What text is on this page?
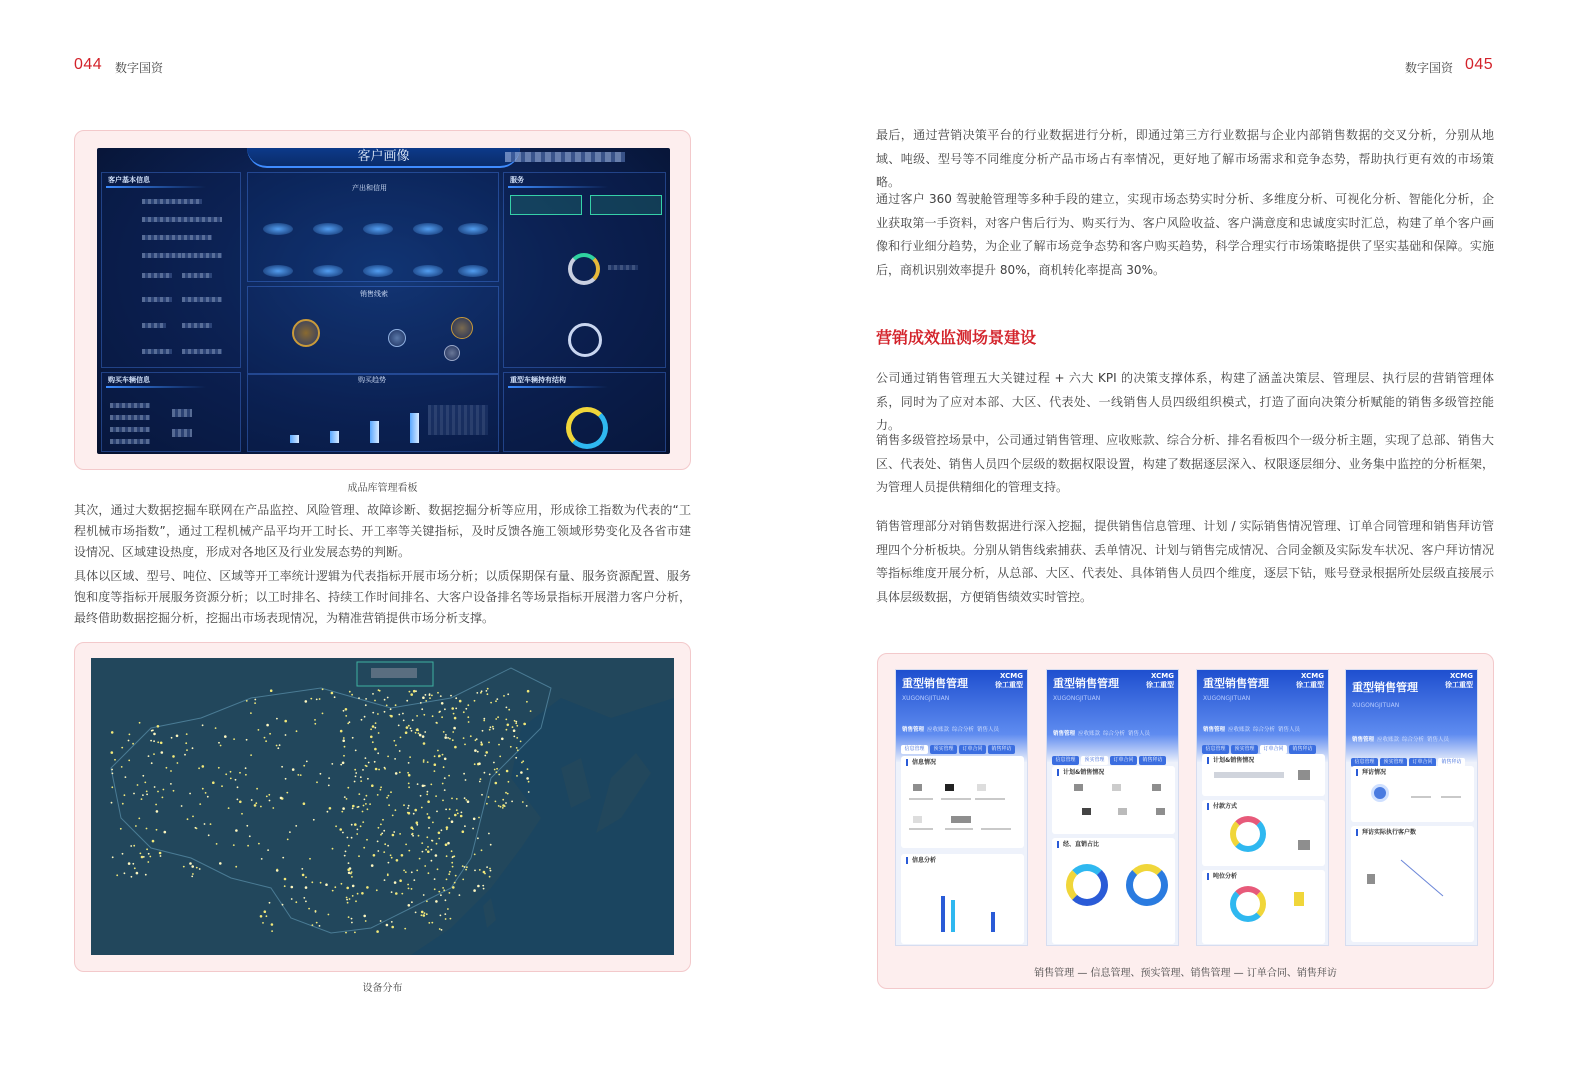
044 数字国资
客户画像
客户基本信息
购买车辆信息
产出和信用
销售线索
购买趋势
服务
重型车辆持有结构
成品库管理看板
其次，通过大数据挖掘车联网在产品监控、风险管理、故障诊断、数据挖掘分析等应用，形成徐工指数为代表的“工程机械市场指数”，通过工程机械产品平均开工时长、开工率等关键指标，及时反馈各施工领域形势变化及各省市建设情况、区域建设热度，形成对各地区及行业发展态势的判断。
具体以区域、型号、吨位、区域等开工率统计逻辑为代表指标开展市场分析；以质保期保有量、服务资源配置、服务饱和度等指标开展服务资源分析；以工时排名、持续工作时间排名、大客户设备排名等场景指标开展潜力客户分析，最终借助数据挖掘分析，挖掘出市场表现情况，为精准营销提供市场分析支撑。
设备分布
数字国资 045
最后，通过营销决策平台的行业数据进行分析，即通过第三方行业数据与企业内部销售数据的交叉分析，分别从地域、吨级、型号等不同维度分析产品市场占有率情况，更好地了解市场需求和竞争态势，帮助执行更有效的市场策略。
通过客户 360 驾驶舱管理等多种手段的建立，实现市场态势实时分析、多维度分析、可视化分析、智能化分析，企业获取第一手资料，对客户售后行为、购买行为、客户风险收益、客户满意度和忠诚度实时汇总，构建了单个客户画像和行业细分趋势，为企业了解市场竞争态势和客户购买趋势，科学合理实行市场策略提供了坚实基础和保障。实施后，商机识别效率提升 80%，商机转化率提高 30%。
营销成效监测场景建设
公司通过销售管理五大关键过程 + 六大 KPI 的决策支撑体系，构建了涵盖决策层、管理层、执行层的营销管理体系，同时为了应对本部、大区、代表处、一线销售人员四级组织模式，打造了面向决策分析赋能的销售多级管控能力。
销售多级管控场景中，公司通过销售管理、应收账款、综合分析、排名看板四个一级分析主题，实现了总部、销售大区、代表处、销售人员四个层级的数据权限设置，构建了数据逐层深入、权限逐层细分、业务集中监控的分析框架，为管理人员提供精细化的管理支持。
销售管理部分对销售数据进行深入挖掘，提供销售信息管理、计划 / 实际销售情况管理、订单合同管理和销售拜访管理四个分析板块。分别从销售线索捕获、丢单情况、计划与销售完成情况、合同金额及实际发车状况、客户拜访情况等指标维度开展分析，从总部、大区、代表处、具体销售人员四个维度，逐层下钻，账号登录根据所处层级直接展示具体层级数据，方便销售绩效实时管控。
重型销售管理
XUGONGJITUAN
XCMG
徐工重型
销售管理 应收账款 综合分析 销售人员
信息管理 预实管理 订单合同 销售拜访
信息情况
信息分析
重型销售管理
XUGONGJITUAN
XCMG
徐工重型
销售管理 应收账款 综合分析 销售人员
信息管理 预实管理 订单合同 销售拜访
计划&销售情况
经、直销占比
重型销售管理
XUGONGJITUAN
XCMG
徐工重型
销售管理 应收账款 综合分析 销售人员
信息管理 预实管理 订单合同 销售拜访
计划&销售情况
付款方式
吨位分析
重型销售管理
XUGONGJITUAN
XCMG
徐工重型
销售管理 应收账款 综合分析 销售人员
信息管理 预实管理 订单合同 销售拜访
拜访情况
拜访实际执行客户数
销售管理 — 信息管理、预实管理、销售管理 — 订单合同、销售拜访
